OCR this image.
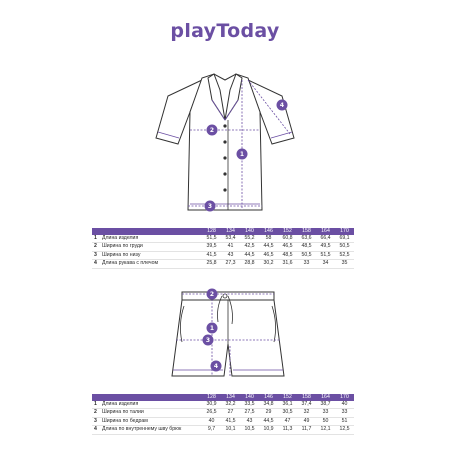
playToday
1
2
3
4
		128	134	140	146	152	158	164	170
1	Длина изделия	51,5	53,4	55,2	58	60,8	63,6	66,4	69,1
2	Ширина по груди	39,5	41	42,5	44,5	46,5	48,5	49,5	50,5
3	Ширина по низу	41,5	43	44,5	46,5	48,5	50,5	51,5	52,5
4	Длина рукава с плечом	25,8	27,3	28,8	30,2	31,6	33	34	35
1
2
3
4
		128	134	140	146	152	158	164	170
1	Длина изделия	30,9	32,2	33,5	34,8	36,1	37,4	38,7	40
2	Ширина по талии	26,5	27	27,5	29	30,5	32	33	33
3	Ширина по бедрам	40	41,5	43	44,5	47	49	50	51
4	Длина по внутреннему шву брюк	9,7	10,1	10,5	10,9	11,3	11,7	12,1	12,5
